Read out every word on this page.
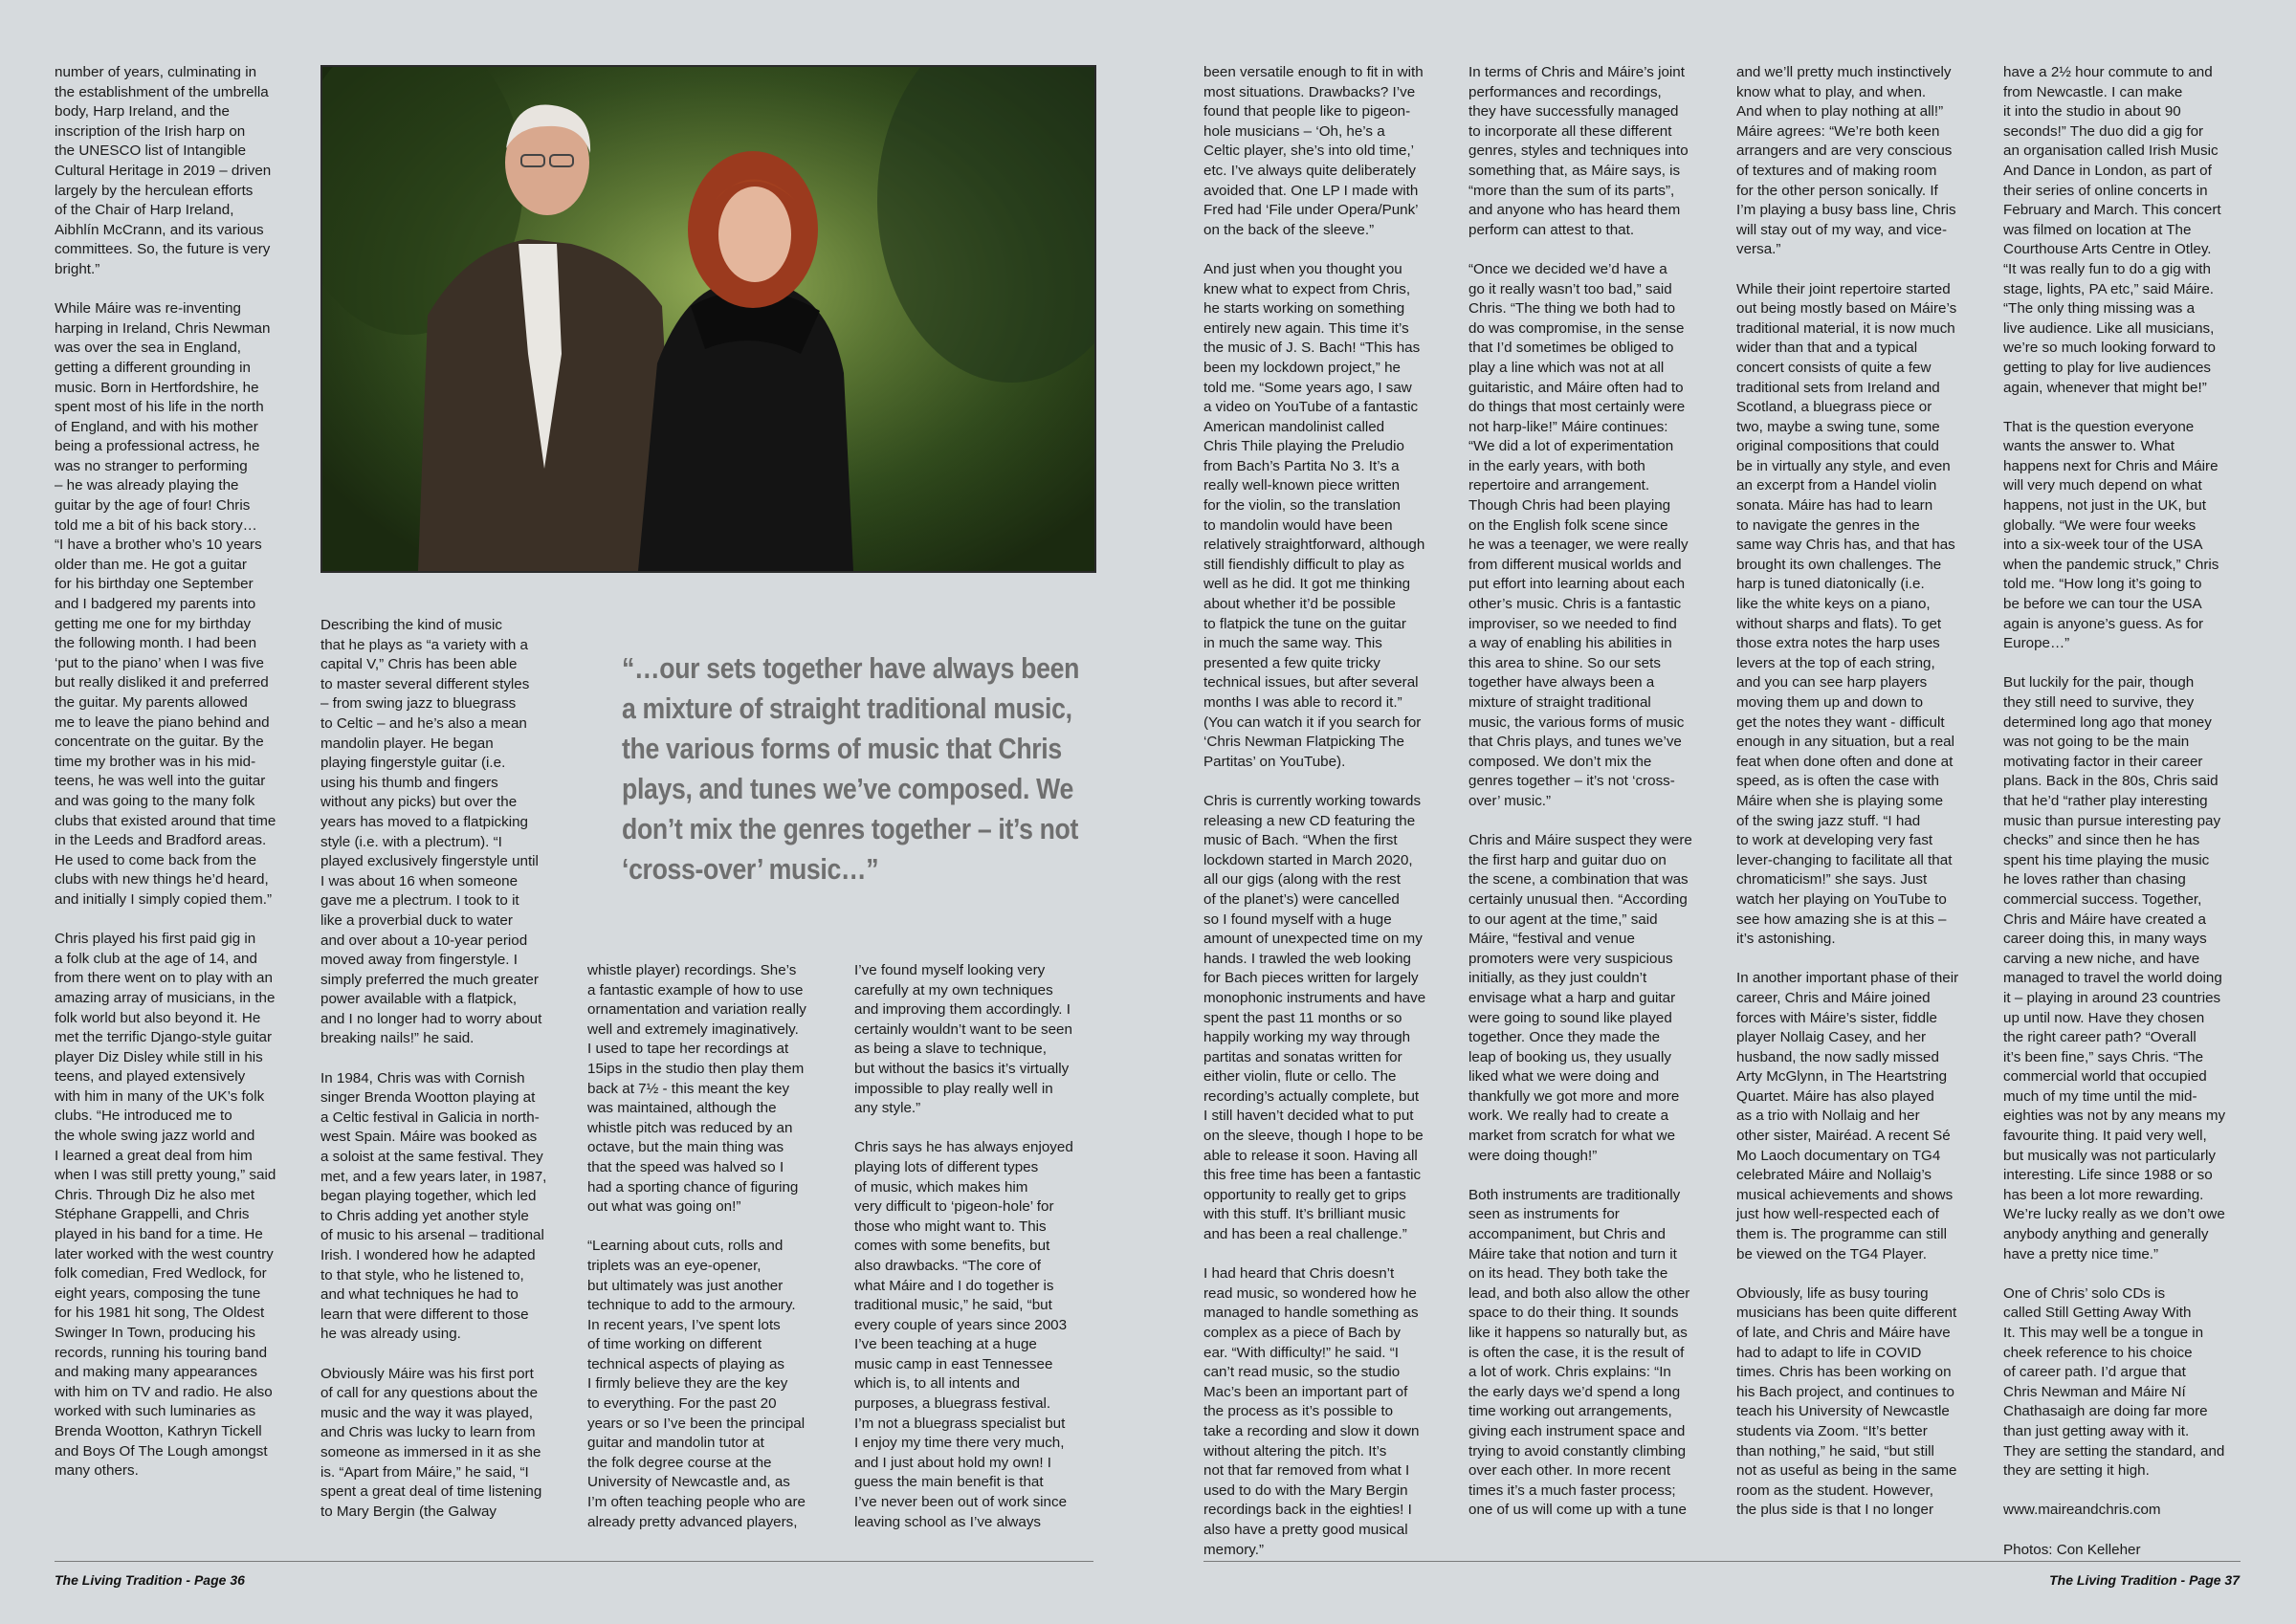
number of years, culminating in
the establishment of the umbrella
body, Harp Ireland, and the
inscription of the Irish harp on
the UNESCO list of Intangible
Cultural Heritage in 2019 – driven
largely by the herculean efforts
of the Chair of Harp Ireland,
Aibhlín McCrann, and its various
committees. So, the future is very
bright.”

While Máire was re-inventing
harping in Ireland, Chris Newman
was over the sea in England,
getting a different grounding in
music. Born in Hertfordshire, he
spent most of his life in the north
of England, and with his mother
being a professional actress, he
was no stranger to performing
– he was already playing the
guitar by the age of four! Chris
told me a bit of his back story…
“I have a brother who’s 10 years
older than me. He got a guitar
for his birthday one September
and I badgered my parents into
getting me one for my birthday
the following month. I had been
‘put to the piano’ when I was five
but really disliked it and preferred
the guitar. My parents allowed
me to leave the piano behind and
concentrate on the guitar. By the
time my brother was in his mid-
teens, he was well into the guitar
and was going to the many folk
clubs that existed around that time
in the Leeds and Bradford areas.
He used to come back from the
clubs with new things he’d heard,
and initially I simply copied them.”

Chris played his first paid gig in
a folk club at the age of 14, and
from there went on to play with an
amazing array of musicians, in the
folk world but also beyond it. He
met the terrific Django-style guitar
player Diz Disley while still in his
teens, and played extensively
with him in many of the UK’s folk
clubs. “He introduced me to
the whole swing jazz world and
I learned a great deal from him
when I was still pretty young,” said
Chris. Through Diz he also met
Stéphane Grappelli, and Chris
played in his band for a time. He
later worked with the west country
folk comedian, Fred Wedlock, for
eight years, composing the tune
for his 1981 hit song, The Oldest
Swinger In Town, producing his
records, running his touring band
and making many appearances
with him on TV and radio. He also
worked with such luminaries as
Brenda Wootton, Kathryn Tickell
and Boys Of The Lough amongst
many others.

Describing the kind of music
that he plays as “a variety with a
capital V,” Chris has been able
to master several different styles
– from swing jazz to bluegrass
to Celtic – and he’s also a mean
mandolin player. He began
playing fingerstyle guitar (i.e.
using his thumb and fingers
without any picks) but over the
years has moved to a flatpicking
style (i.e. with a plectrum). “I
played exclusively fingerstyle until
I was about 16 when someone
gave me a plectrum. I took to it
like a proverbial duck to water
and over about a 10-year period
moved away from fingerstyle. I
simply preferred the much greater
power available with a flatpick,
and I no longer had to worry about
breaking nails!” he said.

In 1984, Chris was with Cornish
singer Brenda Wootton playing at
a Celtic festival in Galicia in north-
west Spain. Máire was booked as
a soloist at the same festival. They
met, and a few years later, in 1987,
began playing together, which led
to Chris adding yet another style
of music to his arsenal – traditional
Irish. I wondered how he adapted
to that style, who he listened to,
and what techniques he had to
learn that were different to those
he was already using.

Obviously Máire was his first port
of call for any questions about the
music and the way it was played,
and Chris was lucky to learn from
someone as immersed in it as she
is. “Apart from Máire,” he said, “I
spent a great deal of time listening
to Mary Bergin (the Galway

“…our sets together have always been a mixture of straight traditional music, the various forms of music that Chris plays, and tunes we’ve composed. We don’t mix the genres together – it’s not ‘cross-over’ music…”

whistle player) recordings. She’s
a fantastic example of how to use
ornamentation and variation really
well and extremely imaginatively.
I used to tape her recordings at
15ips in the studio then play them
back at 7½ - this meant the key
was maintained, although the
whistle pitch was reduced by an
octave, but the main thing was
that the speed was halved so I
had a sporting chance of figuring
out what was going on!”

“Learning about cuts, rolls and
triplets was an eye-opener,
but ultimately was just another
technique to add to the armoury.
In recent years, I’ve spent lots
of time working on different
technical aspects of playing as
I firmly believe they are the key
to everything. For the past 20
years or so I’ve been the principal
guitar and mandolin tutor at
the folk degree course at the
University of Newcastle and, as
I’m often teaching people who are
already pretty advanced players,

I’ve found myself looking very
carefully at my own techniques
and improving them accordingly. I
certainly wouldn’t want to be seen
as being a slave to technique,
but without the basics it’s virtually
impossible to play really well in
any style.”

Chris says he has always enjoyed
playing lots of different types
of music, which makes him
very difficult to ‘pigeon-hole’ for
those who might want to. This
comes with some benefits, but
also drawbacks. “The core of
what Máire and I do together is
traditional music,” he said, “but
every couple of years since 2003
I’ve been teaching at a huge
music camp in east Tennessee
which is, to all intents and
purposes, a bluegrass festival.
I’m not a bluegrass specialist but
I enjoy my time there very much,
and I just about hold my own! I
guess the main benefit is that
I’ve never been out of work since
leaving school as I’ve always

The Living Tradition - Page 36

been versatile enough to fit in with
most situations. Drawbacks? I’ve
found that people like to pigeon-
hole musicians – ‘Oh, he’s a
Celtic player, she’s into old time,’
etc. I’ve always quite deliberately
avoided that. One LP I made with
Fred had ‘File under Opera/Punk’
on the back of the sleeve.”

And just when you thought you
knew what to expect from Chris,
he starts working on something
entirely new again. This time it’s
the music of J. S. Bach! “This has
been my lockdown project,” he
told me. “Some years ago, I saw
a video on YouTube of a fantastic
American mandolinist called
Chris Thile playing the Preludio
from Bach’s Partita No 3. It’s a
really well-known piece written
for the violin, so the translation
to mandolin would have been
relatively straightforward, although
still fiendishly difficult to play as
well as he did. It got me thinking
about whether it’d be possible
to flatpick the tune on the guitar
in much the same way. This
presented a few quite tricky
technical issues, but after several
months I was able to record it.”
(You can watch it if you search for
‘Chris Newman Flatpicking The
Partitas’ on YouTube).

Chris is currently working towards
releasing a new CD featuring the
music of Bach. “When the first
lockdown started in March 2020,
all our gigs (along with the rest
of the planet’s) were cancelled
so I found myself with a huge
amount of unexpected time on my
hands. I trawled the web looking
for Bach pieces written for largely
monophonic instruments and have
spent the past 11 months or so
happily working my way through
partitas and sonatas written for
either violin, flute or cello. The
recording’s actually complete, but
I still haven’t decided what to put
on the sleeve, though I hope to be
able to release it soon. Having all
this free time has been a fantastic
opportunity to really get to grips
with this stuff. It’s brilliant music
and has been a real challenge.”

I had heard that Chris doesn’t
read music, so wondered how he
managed to handle something as
complex as a piece of Bach by
ear. “With difficulty!” he said. “I
can’t read music, so the studio
Mac’s been an important part of
the process as it’s possible to
take a recording and slow it down
without altering the pitch. It’s
not that far removed from what I
used to do with the Mary Bergin
recordings back in the eighties! I
also have a pretty good musical
memory.”

In terms of Chris and Máire’s joint
performances and recordings,
they have successfully managed
to incorporate all these different
genres, styles and techniques into
something that, as Máire says, is
“more than the sum of its parts”,
and anyone who has heard them
perform can attest to that.

“Once we decided we’d have a
go it really wasn’t too bad,” said
Chris. “The thing we both had to
do was compromise, in the sense
that I’d sometimes be obliged to
play a line which was not at all
guitaristic, and Máire often had to
do things that most certainly were
not harp-like!” Máire continues:
“We did a lot of experimentation
in the early years, with both
repertoire and arrangement.
Though Chris had been playing
on the English folk scene since
he was a teenager, we were really
from different musical worlds and
put effort into learning about each
other’s music. Chris is a fantastic
improviser, so we needed to find
a way of enabling his abilities in
this area to shine. So our sets
together have always been a
mixture of straight traditional
music, the various forms of music
that Chris plays, and tunes we’ve
composed. We don’t mix the
genres together – it’s not ‘cross-
over’ music.”

Chris and Máire suspect they were
the first harp and guitar duo on
the scene, a combination that was
certainly unusual then. “According
to our agent at the time,” said
Máire, “festival and venue
promoters were very suspicious
initially, as they just couldn’t
envisage what a harp and guitar
were going to sound like played
together. Once they made the
leap of booking us, they usually
liked what we were doing and
thankfully we got more and more
work. We really had to create a
market from scratch for what we
were doing though!”

Both instruments are traditionally
seen as instruments for
accompaniment, but Chris and
Máire take that notion and turn it
on its head. They both take the
lead, and both also allow the other
space to do their thing. It sounds
like it happens so naturally but, as
is often the case, it is the result of
a lot of work. Chris explains: “In
the early days we’d spend a long
time working out arrangements,
giving each instrument space and
trying to avoid constantly climbing
over each other. In more recent
times it’s a much faster process;
one of us will come up with a tune

and we’ll pretty much instinctively
know what to play, and when.
And when to play nothing at all!”
Máire agrees: “We’re both keen
arrangers and are very conscious
of textures and of making room
for the other person sonically. If
I’m playing a busy bass line, Chris
will stay out of my way, and vice-
versa.”

While their joint repertoire started
out being mostly based on Máire’s
traditional material, it is now much
wider than that and a typical
concert consists of quite a few
traditional sets from Ireland and
Scotland, a bluegrass piece or
two, maybe a swing tune, some
original compositions that could
be in virtually any style, and even
an excerpt from a Handel violin
sonata. Máire has had to learn
to navigate the genres in the
same way Chris has, and that has
brought its own challenges. The
harp is tuned diatonically (i.e.
like the white keys on a piano,
without sharps and flats). To get
those extra notes the harp uses
levers at the top of each string,
and you can see harp players
moving them up and down to
get the notes they want - difficult
enough in any situation, but a real
feat when done often and done at
speed, as is often the case with
Máire when she is playing some
of the swing jazz stuff. “I had
to work at developing very fast
lever-changing to facilitate all that
chromaticism!” she says. Just
watch her playing on YouTube to
see how amazing she is at this –
it’s astonishing.

In another important phase of their
career, Chris and Máire joined
forces with Máire’s sister, fiddle
player Nollaig Casey, and her
husband, the now sadly missed
Arty McGlynn, in The Heartstring
Quartet. Máire has also played
as a trio with Nollaig and her
other sister, Mairéad. A recent Sé
Mo Laoch documentary on TG4
celebrated Máire and Nollaig’s
musical achievements and shows
just how well-respected each of
them is. The programme can still
be viewed on the TG4 Player.

Obviously, life as busy touring
musicians has been quite different
of late, and Chris and Máire have
had to adapt to life in COVID
times. Chris has been working on
his Bach project, and continues to
teach his University of Newcastle
students via Zoom. “It’s better
than nothing,” he said, “but still
not as useful as being in the same
room as the student. However,
the plus side is that I no longer

have a 2½ hour commute to and
from Newcastle. I can make
it into the studio in about 90
seconds!” The duo did a gig for
an organisation called Irish Music
And Dance in London, as part of
their series of online concerts in
February and March. This concert
was filmed on location at The
Courthouse Arts Centre in Otley.
“It was really fun to do a gig with
stage, lights, PA etc,” said Máire.
“The only thing missing was a
live audience. Like all musicians,
we’re so much looking forward to
getting to play for live audiences
again, whenever that might be!”

That is the question everyone
wants the answer to. What
happens next for Chris and Máire
will very much depend on what
happens, not just in the UK, but
globally. “We were four weeks
into a six-week tour of the USA
when the pandemic struck,” Chris
told me. “How long it’s going to
be before we can tour the USA
again is anyone’s guess. As for
Europe…”

But luckily for the pair, though
they still need to survive, they
determined long ago that money
was not going to be the main
motivating factor in their career
plans. Back in the 80s, Chris said
that he’d “rather play interesting
music than pursue interesting pay
checks” and since then he has
spent his time playing the music
he loves rather than chasing
commercial success. Together,
Chris and Máire have created a
career doing this, in many ways
carving a new niche, and have
managed to travel the world doing
it – playing in around 23 countries
up until now. Have they chosen
the right career path? “Overall
it’s been fine,” says Chris. “The
commercial world that occupied
much of my time until the mid-
eighties was not by any means my
favourite thing. It paid very well,
but musically was not particularly
interesting. Life since 1988 or so
has been a lot more rewarding.
We’re lucky really as we don’t owe
anybody anything and generally
have a pretty nice time.”

One of Chris’ solo CDs is
called Still Getting Away With
It. This may well be a tongue in
cheek reference to his choice
of career path. I’d argue that
Chris Newman and Máire Ní
Chathasaigh are doing far more
than just getting away with it.
They are setting the standard, and
they are setting it high.

www.maireandchris.com

Photos: Con Kelleher

The Living Tradition - Page 37
